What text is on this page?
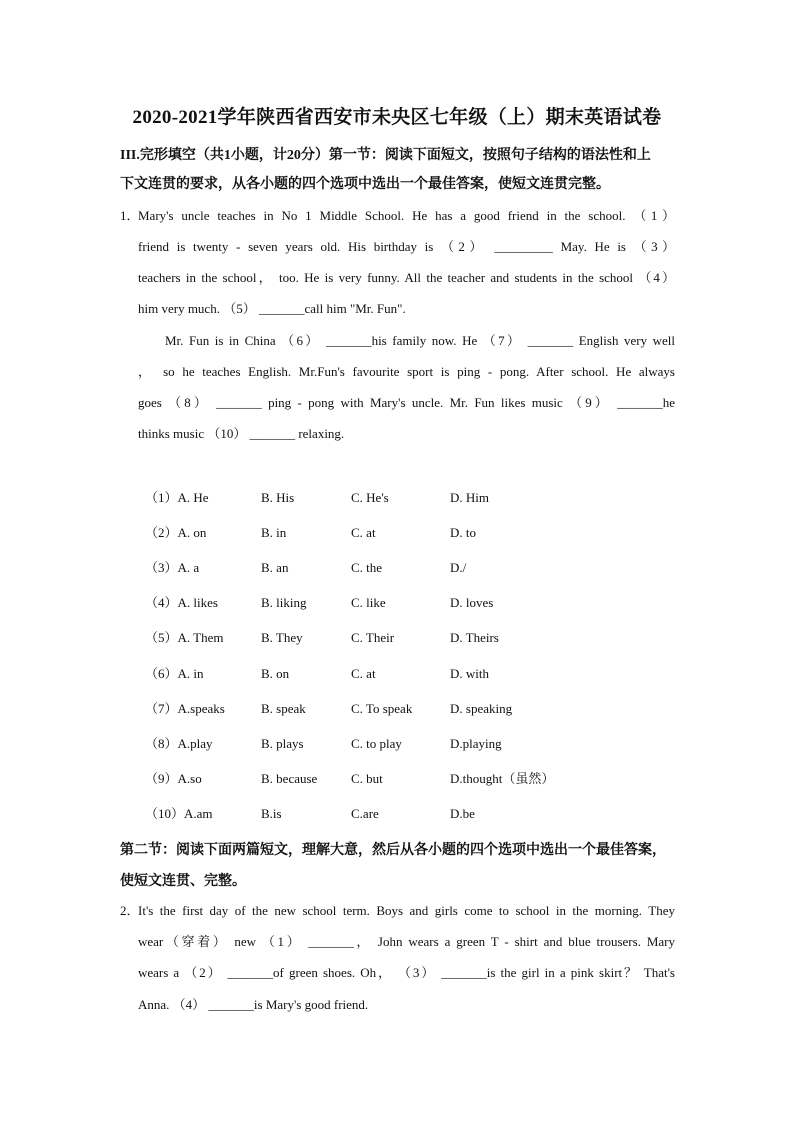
2020-2021学年陕西省西安市未央区七年级（上）期末英语试卷
III.完形填空（共1小题，计20分）第一节：阅读下面短文，按照句子结构的语法性和上
下文连贯的要求，从各小题的四个选项中选出一个最佳答案，使短文连贯完整。
1．
Mary's uncle teaches in No 1 Middle School. He has a good friend in the school. （1）
friend is twenty - seven years old. His birthday is （2） _________ May. He is （3）
teachers in the school， too. He is very funny. All the teacher and students in the school （4）
him very much. （5） _______call him "Mr. Fun".
Mr. Fun is in China （6） _______his family now. He （7） _______ English very well
， so he teaches English. Mr.Fun's favourite sport is ping - pong. After school. He always
goes （8） _______ ping - pong with Mary's uncle. Mr. Fun likes music （9） _______he
thinks music （10） _______ relaxing.
（1）A. He	B. His	C. He's	D. Him
（2）A. on	B. in	C. at	D. to
（3）A. a	B. an	C. the	D./
（4）A. likes	B. liking	C. like	D. loves
（5）A. Them	B. They	C. Their	D. Theirs
（6）A. in	B. on	C. at	D. with
（7）A.speaks	B. speak	C. To speak	D. speaking
（8）A.play	B. plays	C. to play	D.playing
（9）A.so	B. because	C. but	D.thought（虽然）
（10）A.am	B.is	C.are	D.be
第二节：阅读下面两篇短文，理解大意，然后从各小题的四个选项中选出一个最佳答案，
使短文连贯、完整。
2．
It's the first day of the new school term. Boys and girls come to school in the morning. They
wear（穿着） new （1） _______， John wears a green T - shirt and blue trousers. Mary
wears a （2） _______of green shoes. Oh， （3） _______is the girl in a pink skirt？ That's
Anna. （4） _______is Mary's good friend.
